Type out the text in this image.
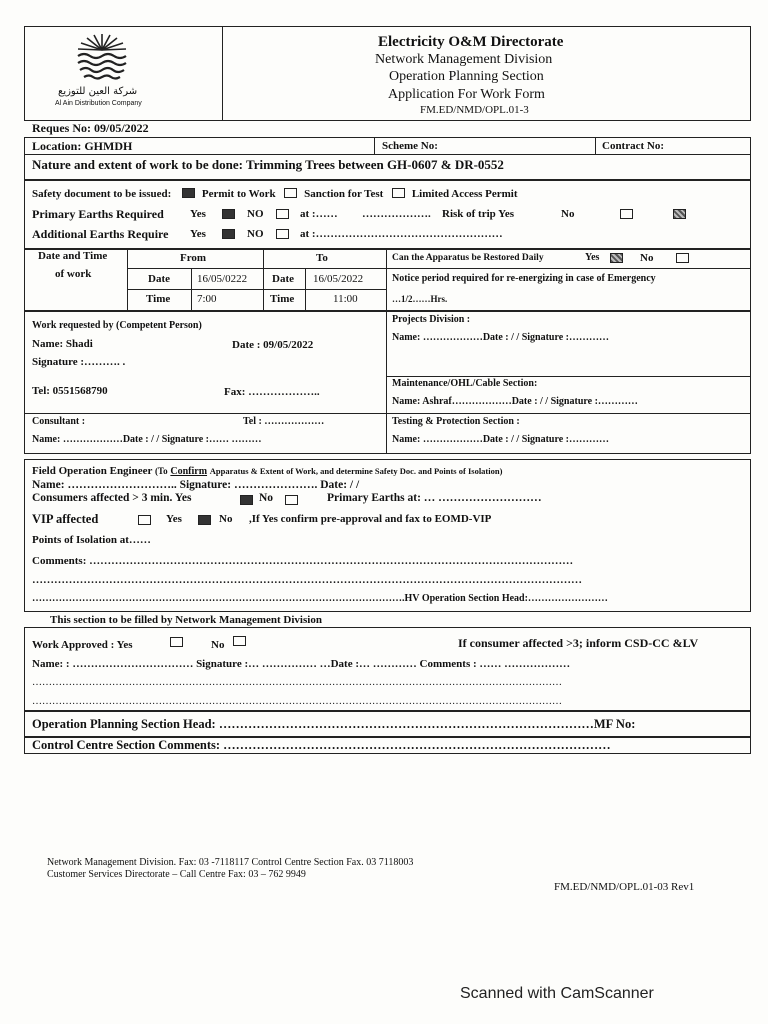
شركة العين للتوزيع
Al Ain Distribution Company
Electricity O&M Directorate
Network Management Division
Operation Planning Section
Application For Work Form
FM.ED/NMD/OPL.01-3
Reques No: 09/05/2022
Location: GHMDH	Scheme No:	Contract No:
Nature and extent of work to be done: Trimming Trees between GH-0607 & DR-0552
Safety document to be issued:	Permit to Work	Sanction for Test	Limited Access Permit
Primary Earths Required Yes	NO	at :…… ………………. Risk of trip Yes	No
Additional Earths Require Yes	NO	at :……………………………………………
Date and Time
of work
From	To
Date 16/05/0222 Date 16/05/2022
Time 7:00	Time	11:00
Can the Apparatus be Restored Daily	Yes	No
Notice period required for re-energizing in case of Emergency
…1/2……Hrs.
Work requested by (Competent Person)
Name: Shadi	Date : 09/05/2022
Signature :………. .
Tel: 0551568790	Fax: ………………..
Projects Division :
Name: ………………Date : / / Signature :…………
Maintenance/OHL/Cable Section:
Name: Ashraf………………Date : / / Signature :…………
Consultant :	Tel : ………………
Name: ………………Date : / / Signature :…… ………
Testing & Protection Section :
Name: ………………Date : / / Signature :…………
Field Operation Engineer (To Confirm Apparatus & Extent of Work, and determine Safety Doc. and Points of Isolation)
Name: ……………………….. Signature: …………………. Date: / /
Consumers affected > 3 min. Yes	No	Primary Earths at: … ………………………
VIP affected	Yes	No ,If Yes confirm pre-approval and fax to EOMD-VIP
Points of Isolation at……
Comments: ……………………………………………………………………………………………………………………
……………………………………………………………………………………………………………………………………
………………………………………………………………………………………………….HV Operation Section Head:……………………
This section to be filled by Network Management Division
Work Approved : Yes	No	If consumer affected >3; inform CSD-CC &LV
Name: : …………………………… Signature :… …………… …Date :… ………… Comments : …… ………………
……………………………………………………………………………………………………………………………………………
……………………………………………………………………………………………………………………………………………
Operation Planning Section Head: ………………………………………………………………………………MF No:
Control Centre Section Comments: …………………………………………………………………………………
Network Management Division. Fax: 03 -7118117 Control Centre Section Fax. 03 7118003
Customer Services Directorate – Call Centre Fax: 03 – 762 9949
FM.ED/NMD/OPL.01-03 Rev1
Scanned with CamScanner
